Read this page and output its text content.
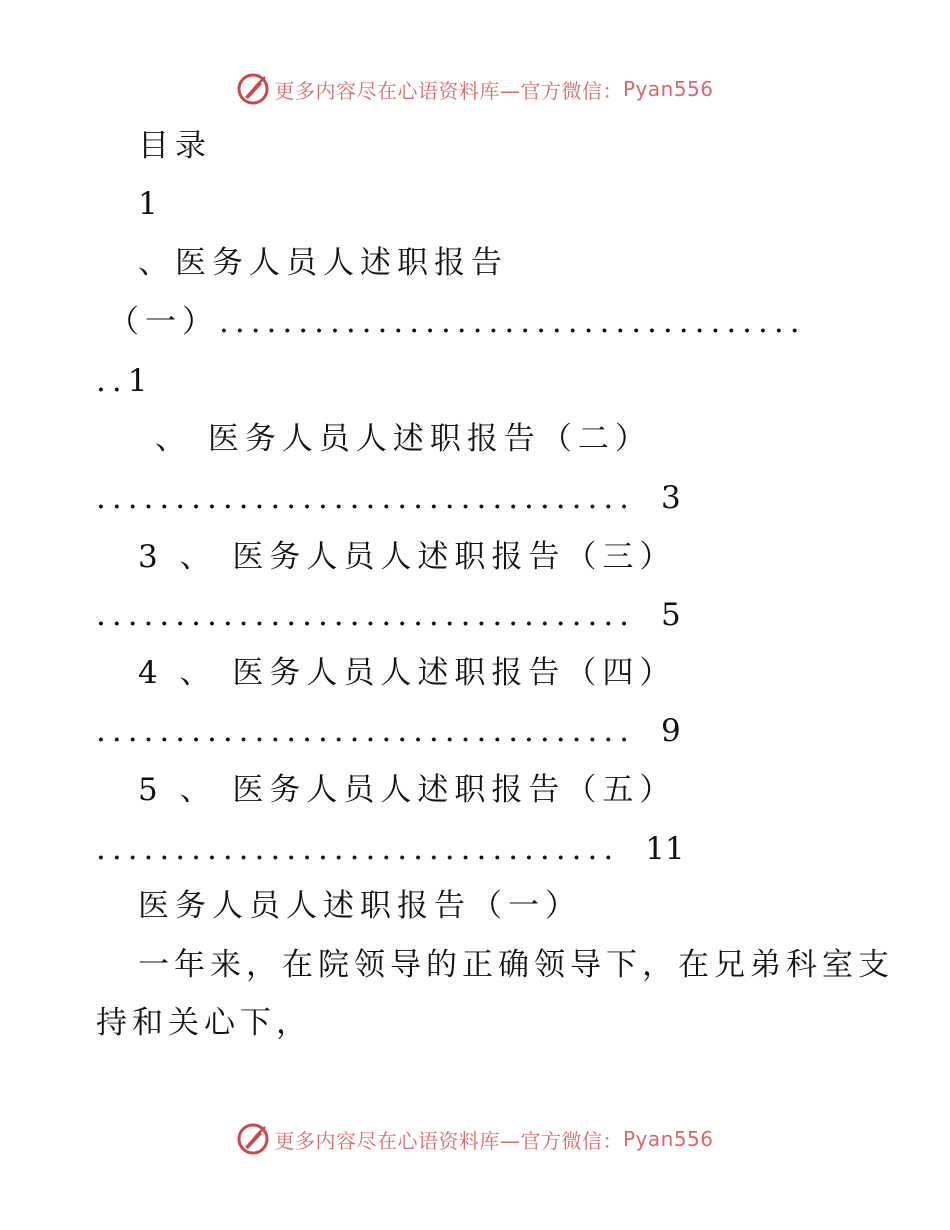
更多内容尽在心语资料库—官方微信： Pyan556
目录
1
、医务人员人述职报告
（一）.....................................
..1
、 医务人员人述职报告（二）
.................................. 3
3 、 医务人员人述职报告（三）
.................................. 5
4 、 医务人员人述职报告（四）
.................................. 9
5 、 医务人员人述职报告（五）
................................. 11
医务人员人述职报告（一）
一年来，在院领导的正确领导下，在兄弟科室支
持和关心下，
更多内容尽在心语资料库—官方微信： Pyan556
